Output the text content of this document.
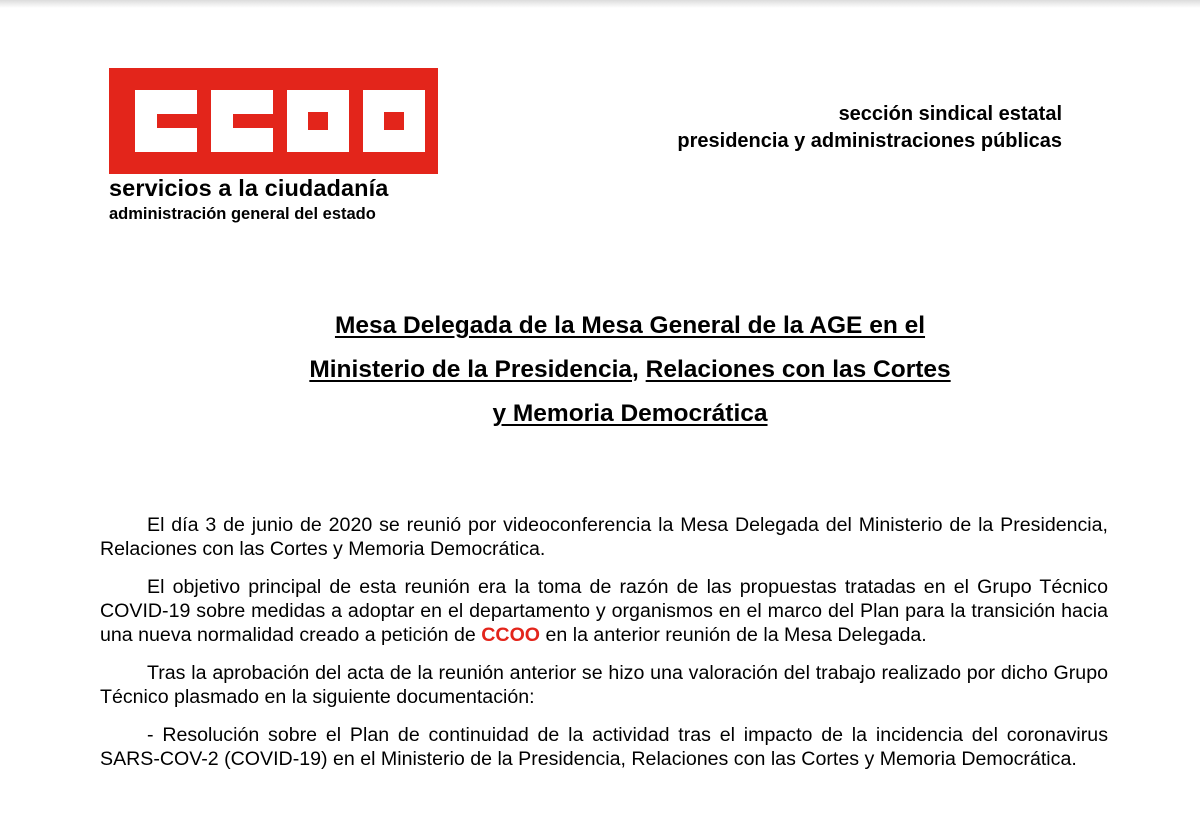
servicios a la ciudadanía
administración general del estado
sección sindical estatal
presidencia y administraciones públicas
Mesa Delegada de la Mesa General de la AGE en el
Ministerio de la Presidencia, Relaciones con las Cortes
y Memoria Democrática

El día 3 de junio de 2020 se reunió por videoconferencia la Mesa Delegada del Ministerio de la Presidencia, Relaciones con las Cortes y Memoria Democrática.

El objetivo principal de esta reunión era la toma de razón de las propuestas tratadas en el Grupo Técnico COVID-19 sobre medidas a adoptar en el departamento y organismos en el marco del Plan para la transición hacia una nueva normalidad creado a petición de CCOO en la anterior reunión de la Mesa Delegada.

Tras la aprobación del acta de la reunión anterior se hizo una valoración del trabajo realizado por dicho Grupo Técnico plasmado en la siguiente documentación:

- Resolución sobre el Plan de continuidad de la actividad tras el impacto de la incidencia del coronavirus SARS-COV-2 (COVID-19) en el Ministerio de la Presidencia, Relaciones con las Cortes y Memoria Democrática.
